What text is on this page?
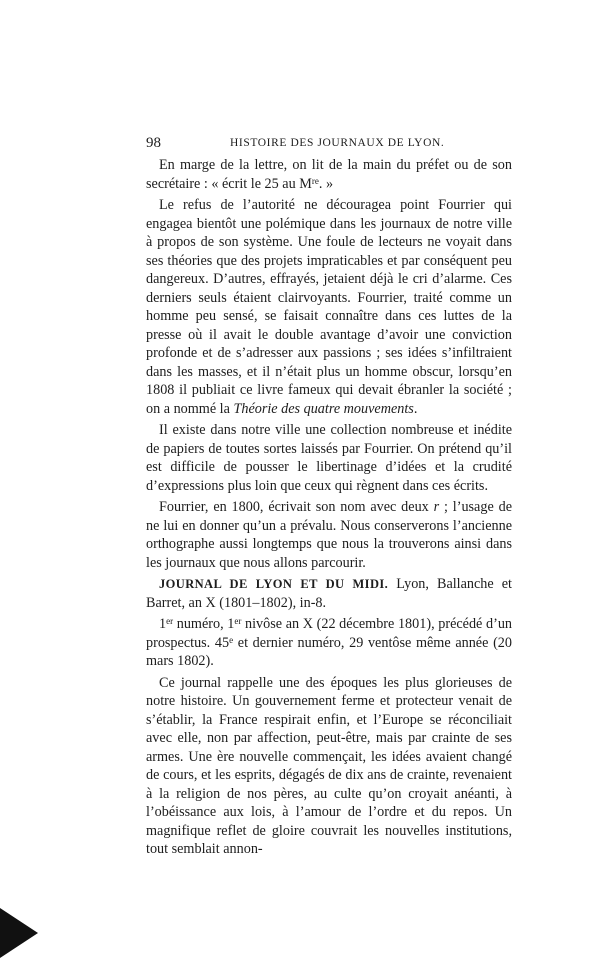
98	HISTOIRE DES JOURNAUX DE LYON.

En marge de la lettre, on lit de la main du préfet ou de son secrétaire : « écrit le 25 au Mre. »

Le refus de l’autorité ne découragea point Fourrier qui engagea bientôt une polémique dans les journaux de notre ville à propos de son système. Une foule de lecteurs ne voyait dans ses théories que des projets impraticables et par conséquent peu dangereux. D’autres, effrayés, jetaient déjà le cri d’alarme. Ces derniers seuls étaient clairvoyants. Fourrier, traité comme un homme peu sensé, se faisait connaître dans ces luttes de la presse où il avait le double avantage d’avoir une conviction profonde et de s’adresser aux passions ; ses idées s’infiltraient dans les masses, et il n’était plus un homme obscur, lorsqu’en 1808 il publiait ce livre fameux qui devait ébranler la société ; on a nommé la Théorie des quatre mouvements.

Il existe dans notre ville une collection nombreuse et inédite de papiers de toutes sortes laissés par Fourrier. On prétend qu’il est difficile de pousser le libertinage d’idées et la crudité d’expressions plus loin que ceux qui règnent dans ces écrits.

Fourrier, en 1800, écrivait son nom avec deux r ; l’usage de ne lui en donner qu’un a prévalu. Nous conserverons l’ancienne orthographe aussi longtemps que nous la trouverons ainsi dans les journaux que nous allons parcourir.

JOURNAL DE LYON ET DU MIDI. Lyon, Ballanche et Barret, an X (1801–1802), in-8.

1er numéro, 1er nivôse an X (22 décembre 1801), précédé d’un prospectus. 45e et dernier numéro, 29 ventôse même année (20 mars 1802).

Ce journal rappelle une des époques les plus glorieuses de notre histoire. Un gouvernement ferme et protecteur venait de s’établir, la France respirait enfin, et l’Europe se réconciliait avec elle, non par affection, peut-être, mais par crainte de ses armes. Une ère nouvelle commençait, les idées avaient changé de cours, et les esprits, dégagés de dix ans de crainte, revenaient à la religion de nos pères, au culte qu’on croyait anéanti, à l’obéissance aux lois, à l’amour de l’ordre et du repos. Un magnifique reflet de gloire couvrait les nouvelles institutions, tout semblait annon-
